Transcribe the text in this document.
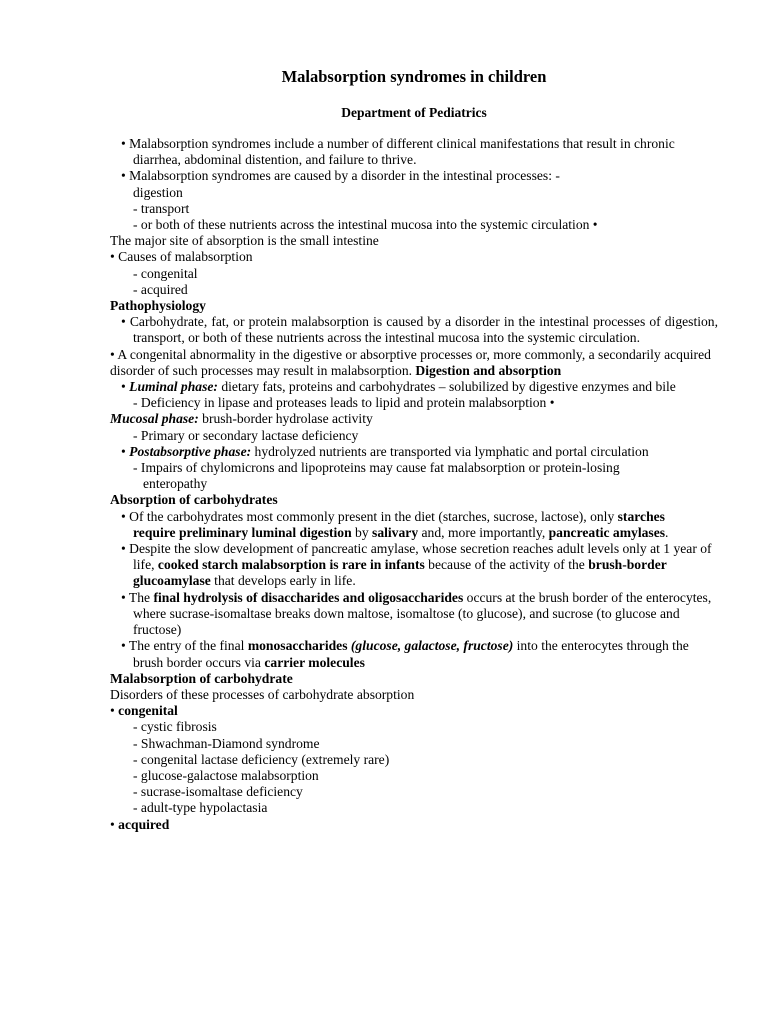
Malabsorption syndromes in children
Department of Pediatrics

• Malabsorption syndromes include a number of different clinical manifestations that result in chronic diarrhea, abdominal distention, and failure to thrive.

• Malabsorption syndromes are caused by a disorder in the intestinal processes: -

digestion

- transport

- or both of these nutrients across the intestinal mucosa into the systemic circulation •

The major site of absorption is the small intestine

• Causes of malabsorption

- congenital

- acquired

Pathophysiology

• Carbohydrate, fat, or protein malabsorption is caused by a disorder in the intestinal processes of digestion, transport, or both of these nutrients across the intestinal mucosa into the systemic circulation.

• A congenital abnormality in the digestive or absorptive processes or, more commonly, a secondarily acquired disorder of such processes may result in malabsorption. Digestion and absorption

• Luminal phase: dietary fats, proteins and carbohydrates – solubilized by digestive enzymes and bile

- Deficiency in lipase and proteases leads to lipid and protein malabsorption •

Mucosal phase: brush-border hydrolase activity

- Primary or secondary lactase deficiency

• Postabsorptive phase: hydrolyzed nutrients are transported via lymphatic and portal circulation

- Impairs of chylomicrons and lipoproteins may cause fat malabsorption or protein-losing enteropathy

Absorption of carbohydrates

• Of the carbohydrates most commonly present in the diet (starches, sucrose, lactose), only starches require preliminary luminal digestion by salivary and, more importantly, pancreatic amylases.

• Despite the slow development of pancreatic amylase, whose secretion reaches adult levels only at 1 year of life, cooked starch malabsorption is rare in infants because of the activity of the brush-border glucoamylase that develops early in life.

• The final hydrolysis of disaccharides and oligosaccharides occurs at the brush border of the enterocytes, where sucrase-isomaltase breaks down maltose, isomaltose (to glucose), and sucrose (to glucose and fructose)

• The entry of the final monosaccharides (glucose, galactose, fructose) into the enterocytes through the brush border occurs via carrier molecules

Malabsorption of carbohydrate

Disorders of these processes of carbohydrate absorption

• congenital

- cystic fibrosis

- Shwachman-Diamond syndrome

- congenital lactase deficiency (extremely rare)

- glucose-galactose malabsorption

- sucrase-isomaltase deficiency

- adult-type hypolactasia

• acquired
